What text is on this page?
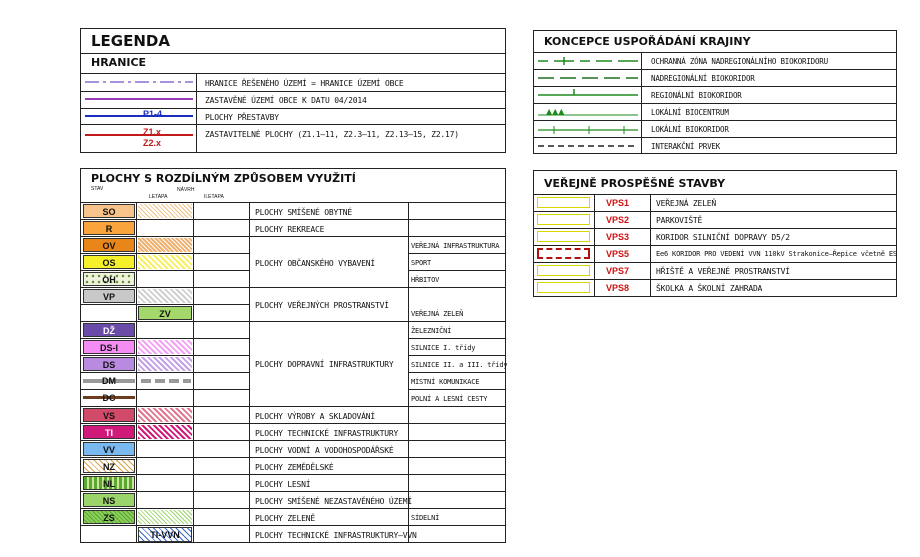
LEGENDA
HRANICE
P1-4
Z1.x
Z2.x
HRANICE ŘEŠENÉHO ÚZEMÍ = HRANICE ÚZEMÍ OBCE
ZASTAVĚNÉ ÚZEMÍ OBCE K DATU 04/2014
PLOCHY PŘESTAVBY
ZASTAVITELNÉ PLOCHY (Z1.1–11, Z2.3–11, Z2.13–15, Z2.17)
KONCEPCE USPOŘÁDÁNÍ KRAJINY
▲▲▲
OCHRANNÁ ZÓNA NADREGIONÁLNÍHO BIOKORIDORU
NADREGIONÁLNÍ BIOKORIDOR
REGIONÁLNÍ BIOKORIDOR
LOKÁLNÍ BIOCENTRUM
LOKÁLNÍ BIOKORIDOR
INTERAKČNÍ PRVEK
VEŘEJNĚ PROSPĚŠNÉ STAVBY
VPS1
VPS2
VPS3
VPS5
VPS7
VPS8
VEŘEJNÁ ZELEŇ
PARKOVIŠTĚ
KORIDOR SILNIČNÍ DOPRAVY D5/2
Ee6 KORIDOR PRO VEDENÍ VVN 110kV Strakonice–Řepice včetně ES
HŘIŠTĚ A VEŘEJNÉ PROSTRANSTVÍ
ŠKOLKA A ŠKOLNÍ ZAHRADA
PLOCHY S ROZDÍLNÝM ZPŮSOBEM VYUŽITÍ
STAV	NÁVRH
LETAPA	II.ETAPA
SO
R
OV
OS
OH
VP
DŽ
DS-I
DS
DM
DC
VS
TI
VV
NZ
NL
NS
ZS
ZV
TI-VVN
PLOCHY SMÍŠENÉ OBYTNÉ
PLOCHY REKREACE
PLOCHY OBČANSKÉHO VYBAVENÍ
PLOCHY VEŘEJNÝCH PROSTRANSTVÍ
PLOCHY DOPRAVNÍ INFRASTRUKTURY
PLOCHY VÝROBY A SKLADOVÁNÍ
PLOCHY TECHNICKÉ INFRASTRUKTURY
PLOCHY VODNÍ A VODOHOSPODÁŘSKÉ
PLOCHY ZEMĚDĚLSKÉ
PLOCHY LESNÍ
PLOCHY SMÍŠENÉ NEZASTAVĚNÉHO ÚZEMÍ
PLOCHY ZELENĚ
PLOCHY TECHNICKÉ INFRASTRUKTURY–VVN
VEŘEJNÁ INFRASTRUKTURA
SPORT
HŘBITOV
VEŘEJNÁ ZELEŇ
ŽELEZNIČNÍ
SILNICE I. třídy
SILNICE II. a III. třídy
MÍSTNÍ KOMUNIKACE
POLNÍ A LESNÍ CESTY
SÍDELNÍ
